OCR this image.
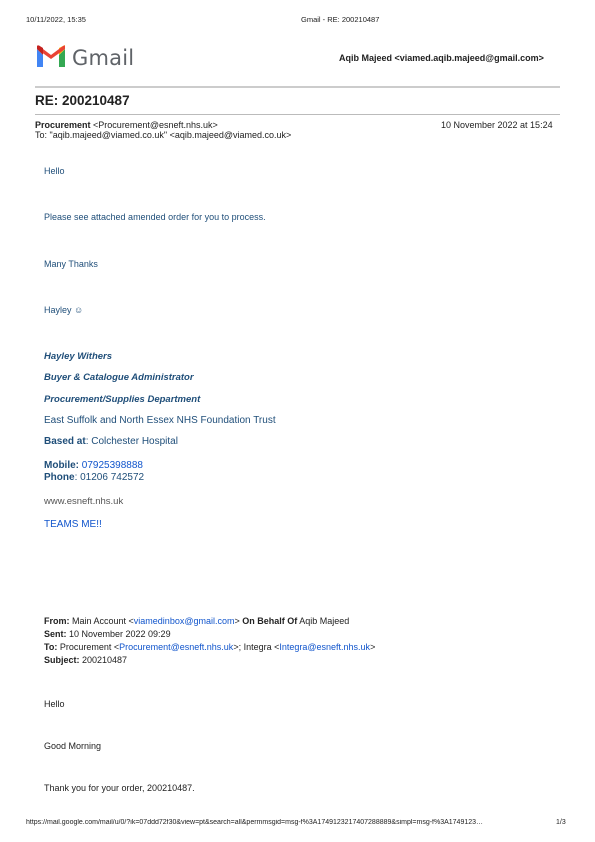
10/11/2022, 15:35	Gmail - RE: 200210487
Gmail	Aqib Majeed <viamed.aqib.majeed@gmail.com>
RE: 200210487
Procurement <Procurement@esneft.nhs.uk>	10 November 2022 at 15:24
To: "aqib.majeed@viamed.co.uk" <aqib.majeed@viamed.co.uk>
Hello
Please see attached amended order for you to process.
Many Thanks
Hayley ☺
Hayley Withers
Buyer & Catalogue Administrator
Procurement/Supplies Department
East Suffolk and North Essex NHS Foundation Trust
Based at: Colchester Hospital
Mobile: 07925398888
Phone: 01206 742572
www.esneft.nhs.uk
TEAMS ME!!
From: Main Account <viamedinbox@gmail.com> On Behalf Of Aqib Majeed
Sent: 10 November 2022 09:29
To: Procurement <Procurement@esneft.nhs.uk>; Integra <Integra@esneft.nhs.uk>
Subject: 200210487
Hello
Good Morning
Thank you for your order, 200210487.
https://mail.google.com/mail/u/0/?ik=07ddd72f30&view=pt&search=all&permmsgid=msg-f%3A1749123217407288889&simpl=msg-f%3A1749123…	1/3
